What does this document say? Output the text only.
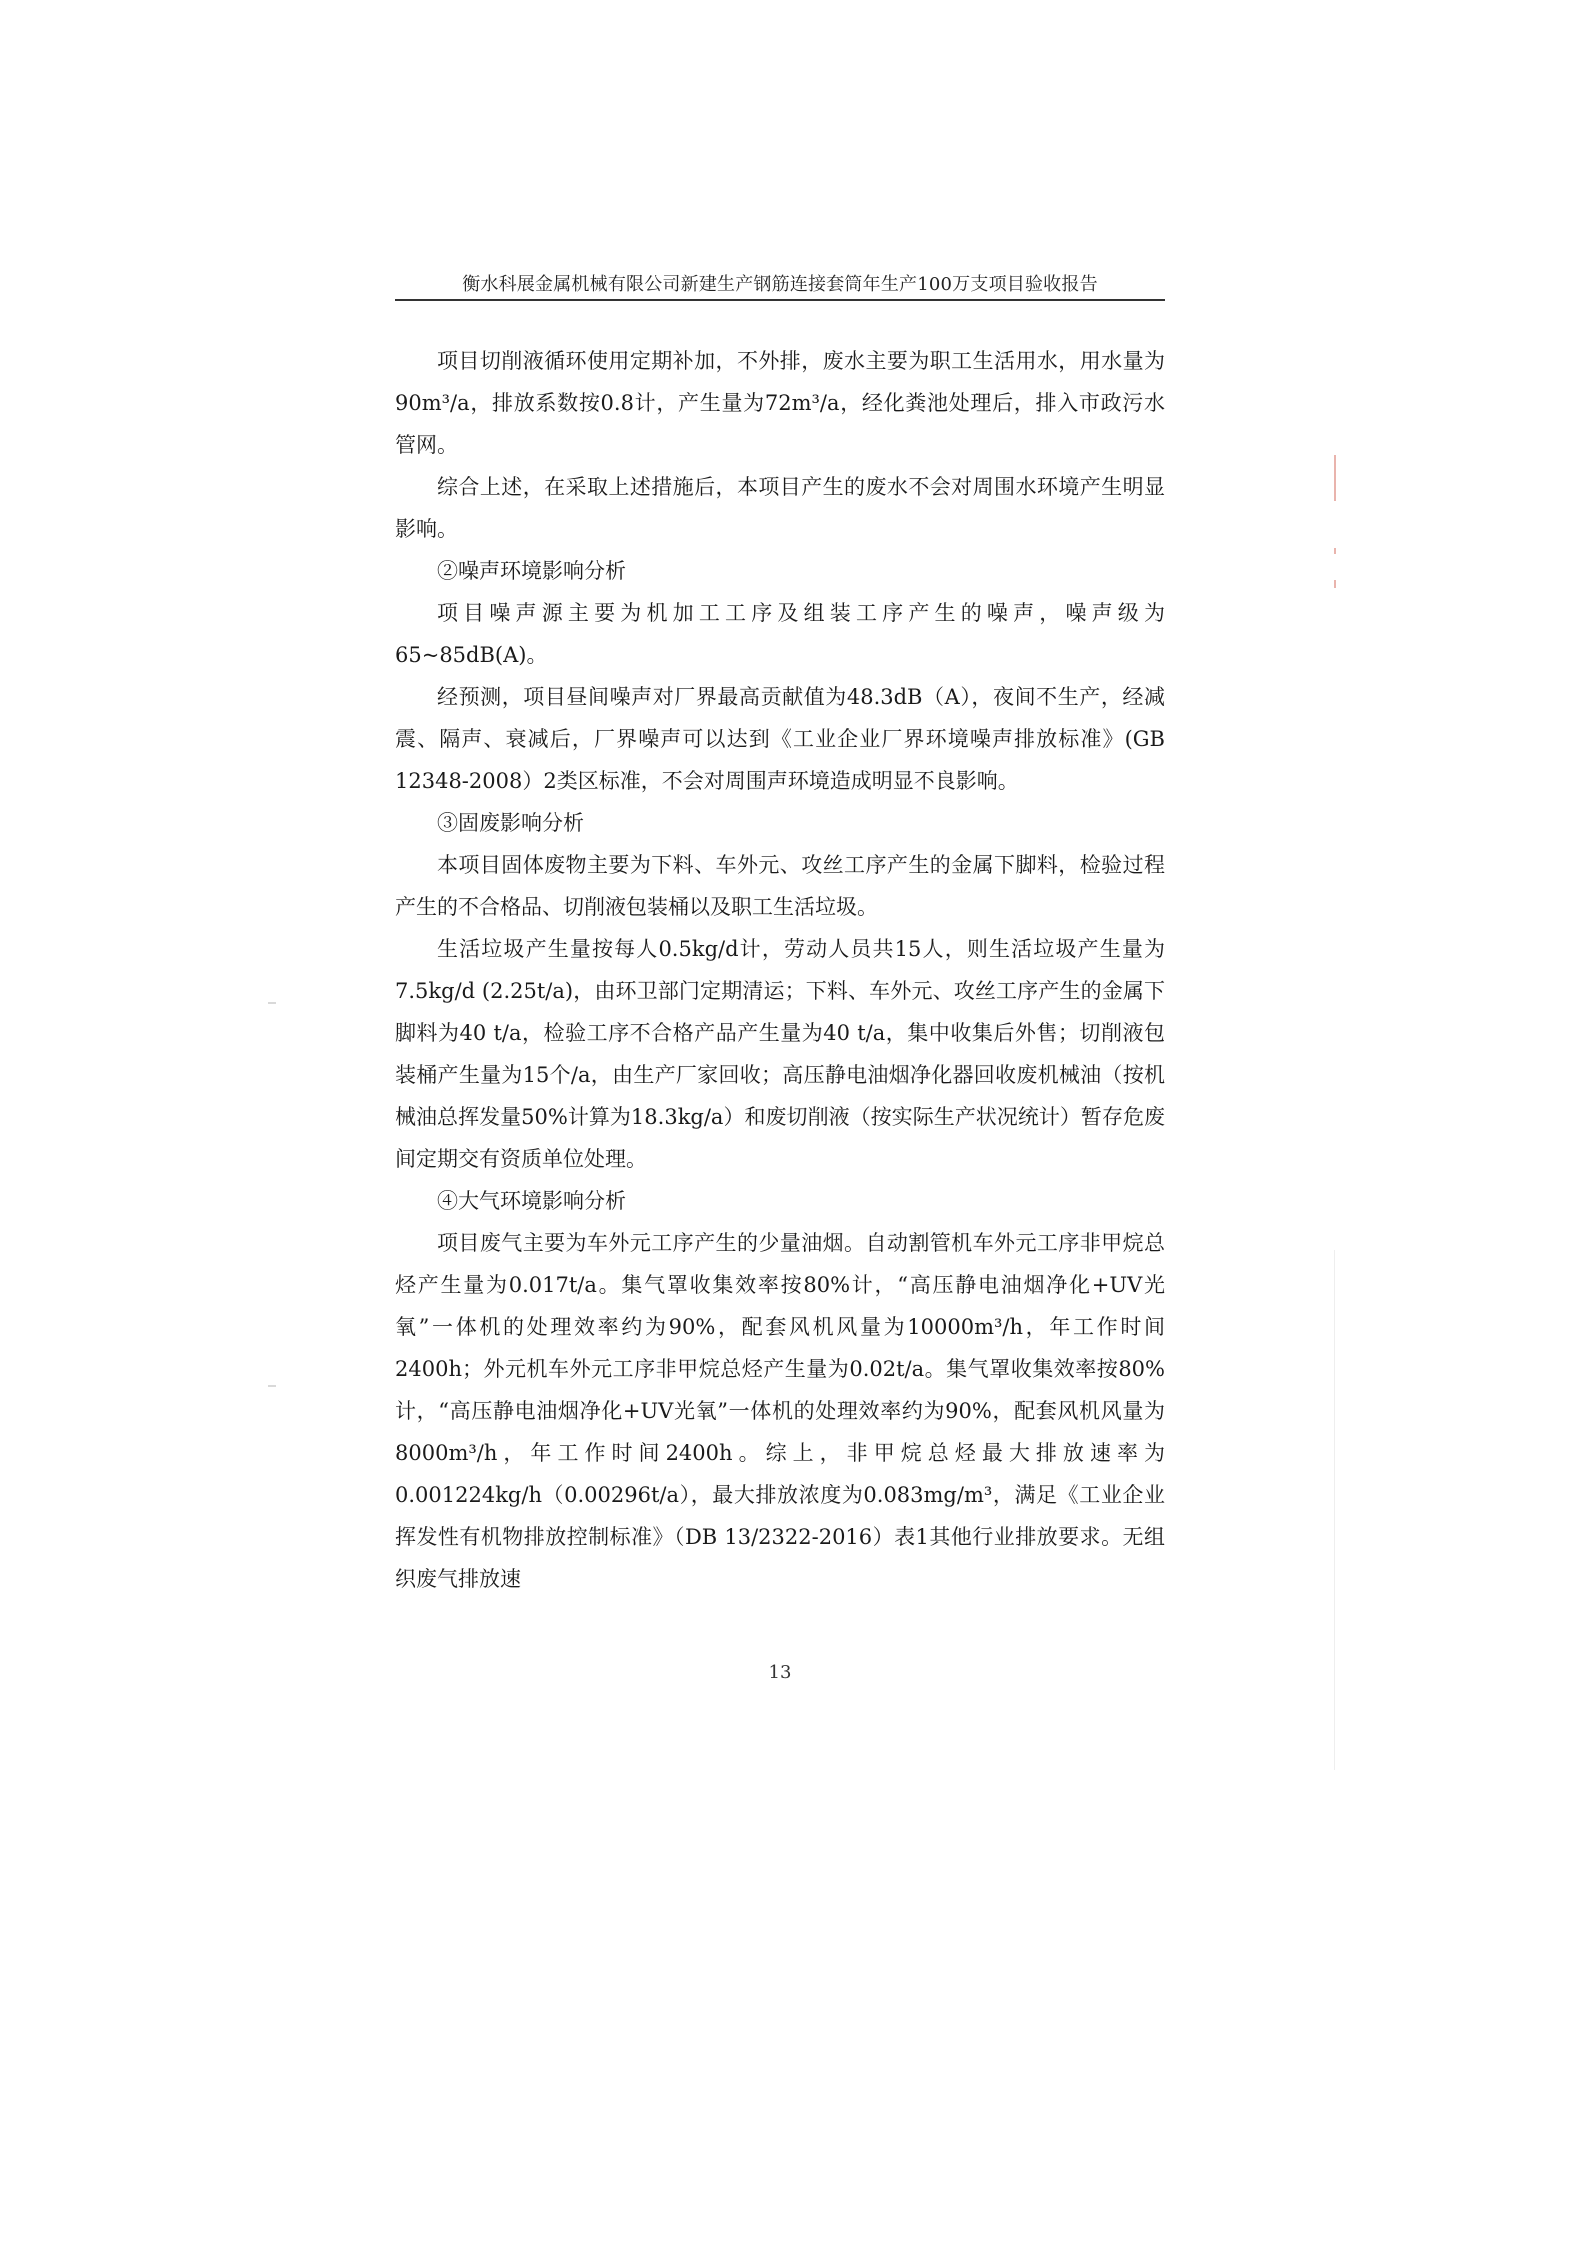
衡水科展金属机械有限公司新建生产钢筋连接套筒年生产100万支项目验收报告

项目切削液循环使用定期补加，不外排，废水主要为职工生活用水，用水量为90m³/a，排放系数按0.8计，产生量为72m³/a，经化粪池处理后，排入市政污水管网。

综合上述，在采取上述措施后，本项目产生的废水不会对周围水环境产生明显影响。

②噪声环境影响分析

项目噪声源主要为机加工工序及组装工序产生的噪声，噪声级为65~85dB(A)。

经预测，项目昼间噪声对厂界最高贡献值为48.3dB（A），夜间不生产，经减震、隔声、衰减后，厂界噪声可以达到《工业企业厂界环境噪声排放标准》(GB 12348-2008）2类区标准，不会对周围声环境造成明显不良影响。

③固废影响分析

本项目固体废物主要为下料、车外元、攻丝工序产生的金属下脚料，检验过程产生的不合格品、切削液包装桶以及职工生活垃圾。

生活垃圾产生量按每人0.5kg/d计，劳动人员共15人，则生活垃圾产生量为7.5kg/d (2.25t/a)，由环卫部门定期清运；下料、车外元、攻丝工序产生的金属下脚料为40 t/a，检验工序不合格产品产生量为40 t/a，集中收集后外售；切削液包装桶产生量为15个/a，由生产厂家回收；高压静电油烟净化器回收废机械油（按机械油总挥发量50%计算为18.3kg/a）和废切削液（按实际生产状况统计）暂存危废间定期交有资质单位处理。

④大气环境影响分析

项目废气主要为车外元工序产生的少量油烟。自动割管机车外元工序非甲烷总烃产生量为0.017t/a。集气罩收集效率按80%计，“高压静电油烟净化+UV光氧”一体机的处理效率约为90%，配套风机风量为10000m³/h，年工作时间2400h；外元机车外元工序非甲烷总烃产生量为0.02t/a。集气罩收集效率按80%计，“高压静电油烟净化+UV光氧”一体机的处理效率约为90%，配套风机风量为8000m³/h，年工作时间2400h。综上，非甲烷总烃最大排放速率为0.001224kg/h（0.00296t/a），最大排放浓度为0.083mg/m³，满足《工业企业挥发性有机物排放控制标准》（DB 13/2322-2016）表1其他行业排放要求。无组织废气排放速

13
